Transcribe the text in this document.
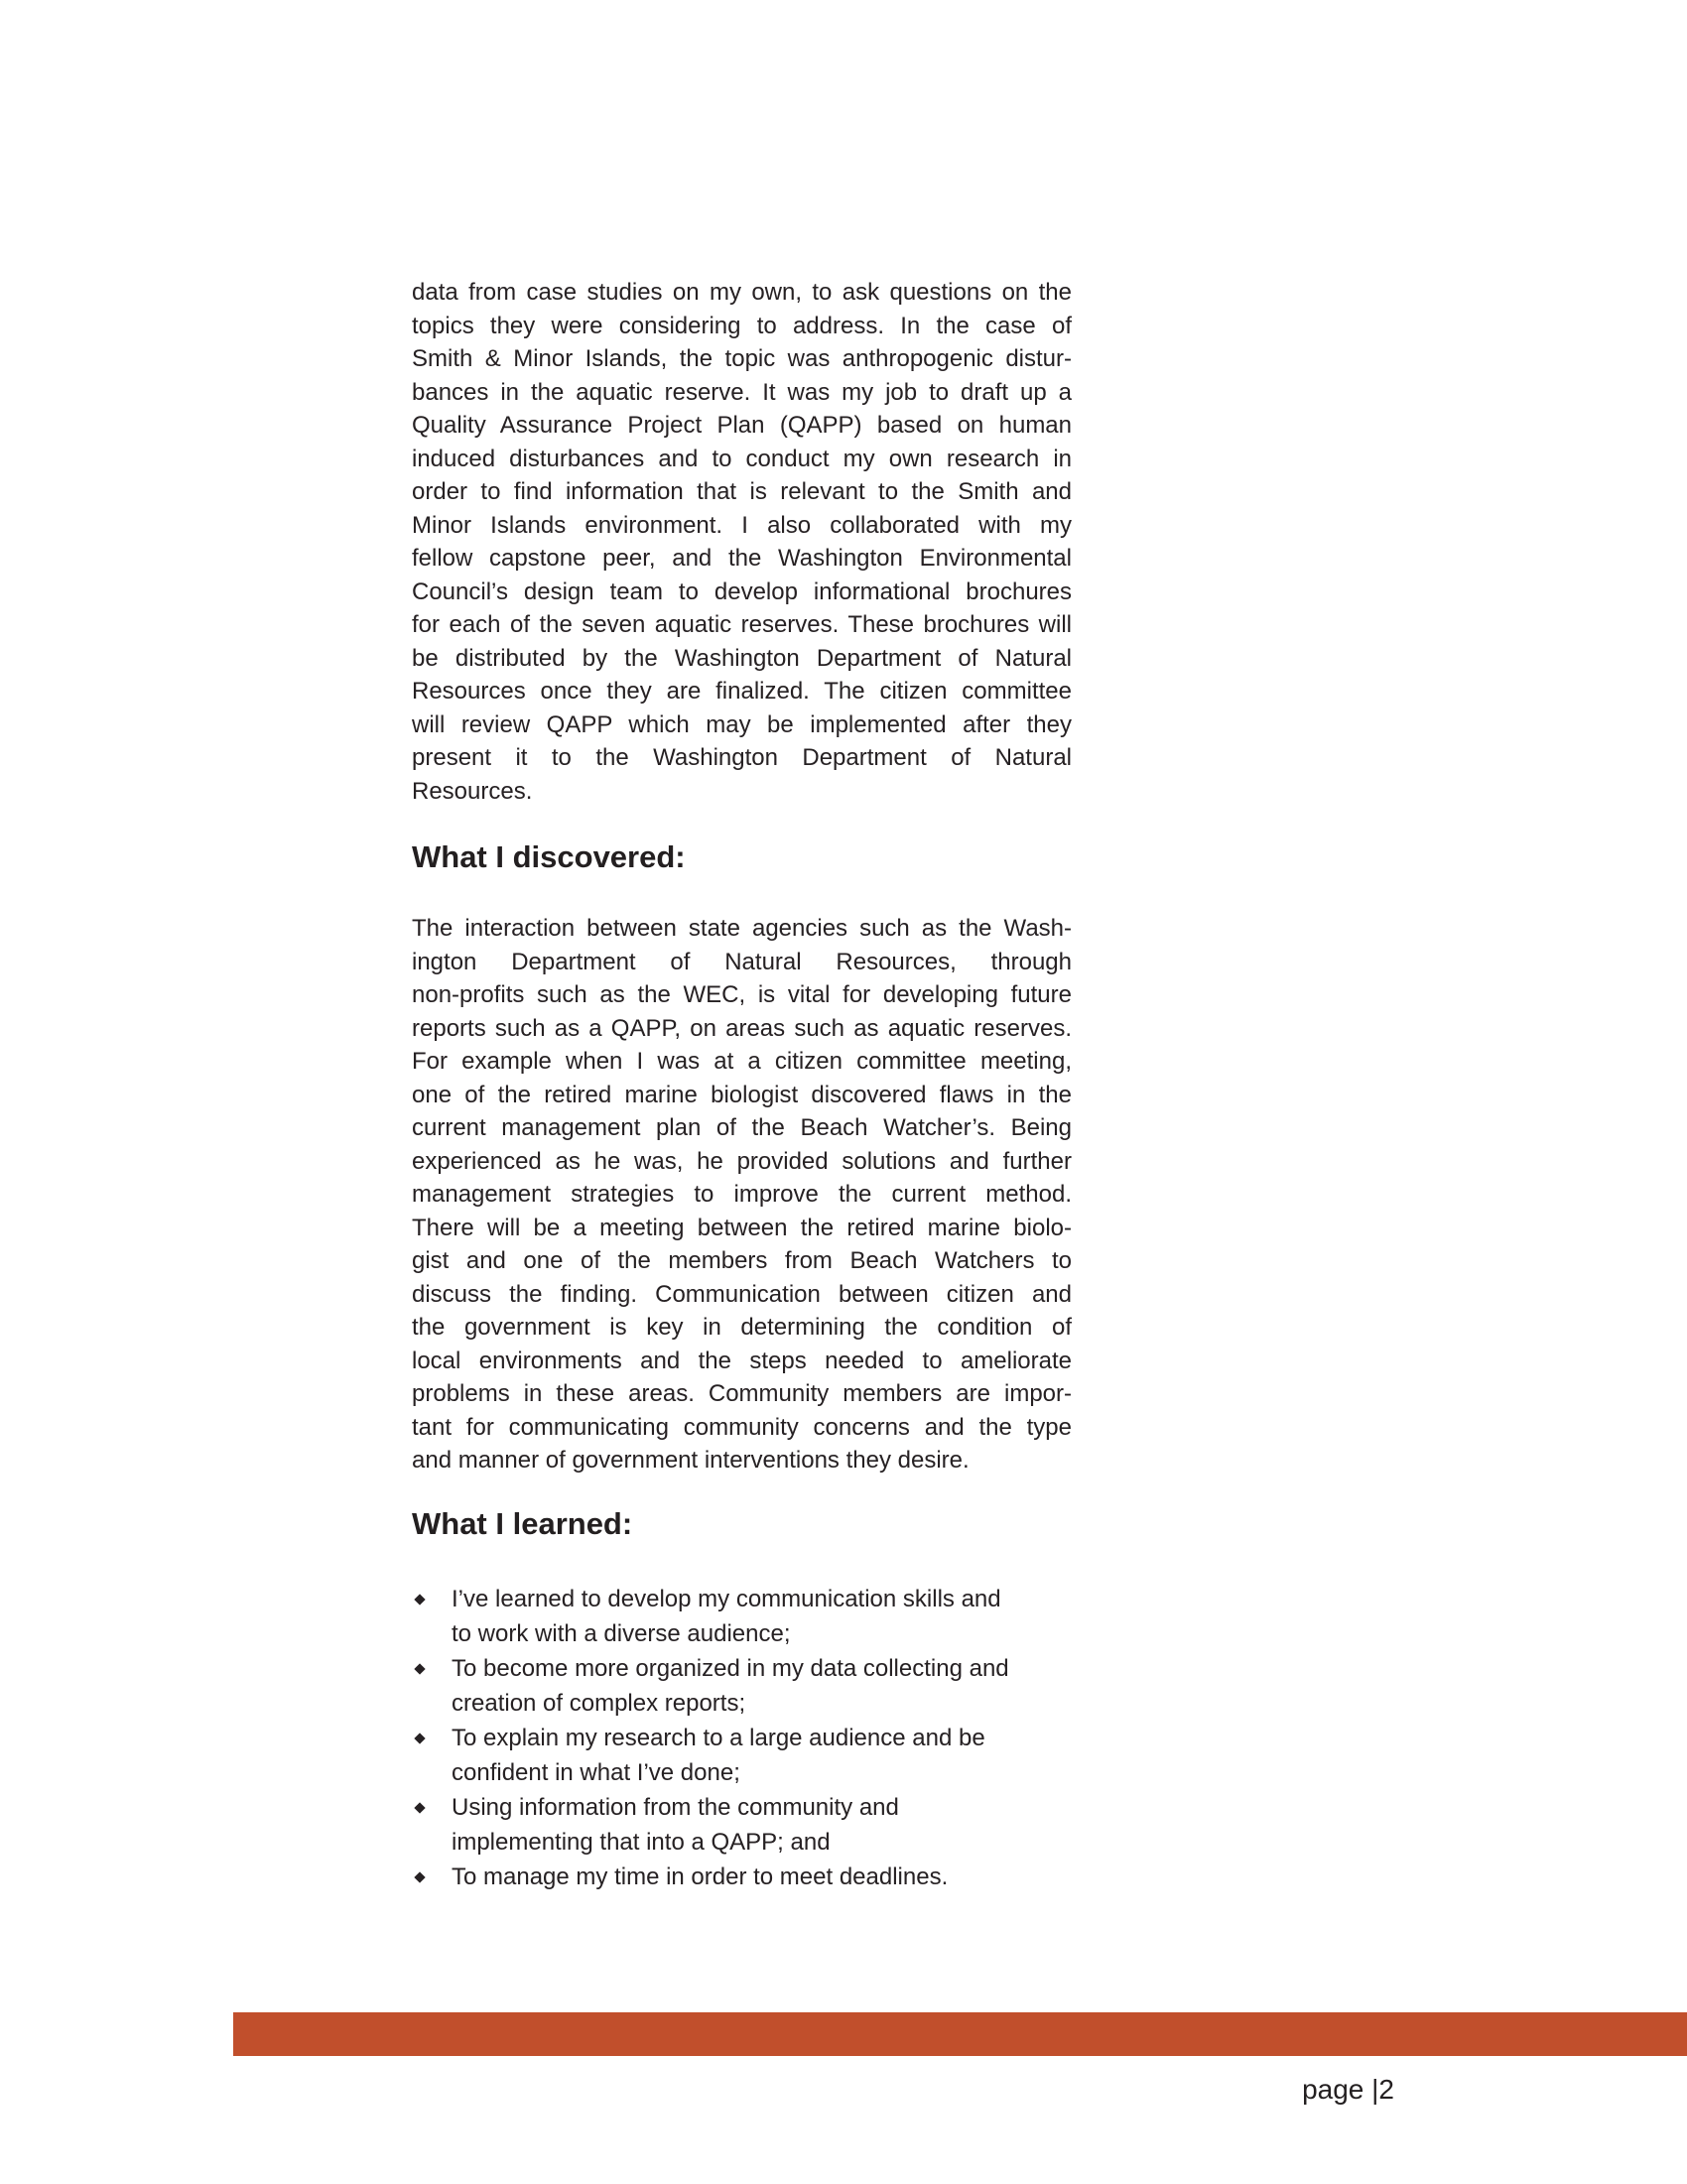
data from case studies on my own, to ask questions on the
topics they were considering to address. In the case of
Smith & Minor Islands, the topic was anthropogenic distur-
bances in the aquatic reserve. It was my job to draft up a
Quality Assurance Project Plan (QAPP) based on human
induced disturbances and to conduct my own research in
order to find information that is relevant to the Smith and
Minor Islands environment. I also collaborated with my
fellow capstone peer, and the Washington Environmental
Council’s design team to develop informational brochures
for each of the seven aquatic reserves. These brochures will
be distributed by the Washington Department of Natural
Resources once they are finalized. The citizen committee
will review QAPP which may be implemented after they
present it to the Washington Department of Natural
Resources.
What I discovered:
The interaction between state agencies such as the Wash-
ington Department of Natural Resources, through
non-profits such as the WEC, is vital for developing future
reports such as a QAPP, on areas such as aquatic reserves.
For example when I was at a citizen committee meeting,
one of the retired marine biologist discovered flaws in the
current management plan of the Beach Watcher’s. Being
experienced as he was, he provided solutions and further
management strategies to improve the current method.
There will be a meeting between the retired marine biolo-
gist and one of the members from Beach Watchers to
discuss the finding. Communication between citizen and
the government is key in determining the condition of
local environments and the steps needed to ameliorate
problems in these areas. Community members are impor-
tant for communicating community concerns and the type
and manner of government interventions they desire.
What I learned:
I’ve learned to develop my communication skills and
to work with a diverse audience;
To become more organized in my data collecting and
creation of complex reports;
To explain my research to a large audience and be
confident in what I’ve done;
Using information from the community and
implementing that into a QAPP; and
To manage my time in order to meet deadlines.
page |2
